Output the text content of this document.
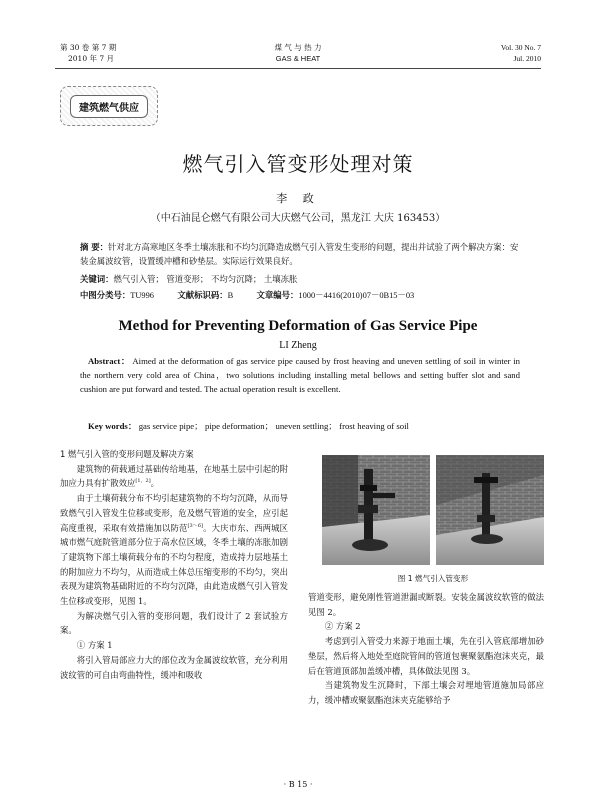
第 30 卷 第 7 期
2010 年 7 月
煤 气 与 热 力
GAS & HEAT
Vol. 30 No. 7
Jul. 2010
建筑燃气供应
燃气引入管变形处理对策
李 政
（中石油昆仑燃气有限公司大庆燃气公司，黑龙江 大庆 163453）
摘 要：针对北方高寒地区冬季土壤冻胀和不均匀沉降造成燃气引入管发生变形的问题，提出并试验了两个解决方案：安装金属波纹管，设置缓冲槽和砂垫层。实际运行效果良好。
关键词：燃气引入管； 管道变形； 不均匀沉降； 土壤冻胀
中图分类号：TU996	文献标识码：B	文章编号：1000－4416(2010)07－0B15－03
Method for Preventing Deformation of Gas Service Pipe
LI Zheng
Abstract： Aimed at the deformation of gas service pipe caused by frost heaving and uneven settling of soil in winter in the northern very cold area of China，two solutions including installing metal bellows and setting buffer slot and sand cushion are put forward and tested. The actual operation result is excellent.
Key words： gas service pipe； pipe deformation； uneven settling； frost heaving of soil

1 燃气引入管的变形问题及解决方案

建筑物的荷载通过基础传给地基，在地基土层中引起的附加应力具有扩散效应[1，2]。

由于土壤荷载分布不均引起建筑物的不均匀沉降，从而导致燃气引入管发生位移或变形，危及燃气管道的安全，应引起高度重视，采取有效措施加以防范[3～6]。大庆市东、西两城区城市燃气庭院管道部分位于高水位区域，冬季土壤的冻胀加剧了建筑物下部土壤荷载分布的不均匀程度，造成持力层地基土的附加应力不均匀，从而造成土体总压缩变形的不均匀，突出表现为建筑物基础附近的不均匀沉降，由此造成燃气引入管发生位移或变形，见图 1。

为解决燃气引入管的变形问题，我们设计了 2 套试验方案。

① 方案 1

将引入管局部应力大的部位改为金属波纹软管，充分利用波纹管的可自由弯曲特性，缓冲和吸收

图 1 燃气引入管变形

管道变形，避免刚性管道泄漏或断裂。安装金属波纹软管的做法见图 2。

② 方案 2

考虑到引入管受力来源于地面土壤，先在引入管底部增加砂垫层，然后将入地处至庭院管间的管道包裹聚氨酯泡沫夹克，最后在管道顶部加盖缓冲槽，具体做法见图 3。

当建筑物发生沉降时，下部土壤会对埋地管道施加局部应力，缓冲槽或聚氨酯泡沫夹克能够给予

· B 15 ·
